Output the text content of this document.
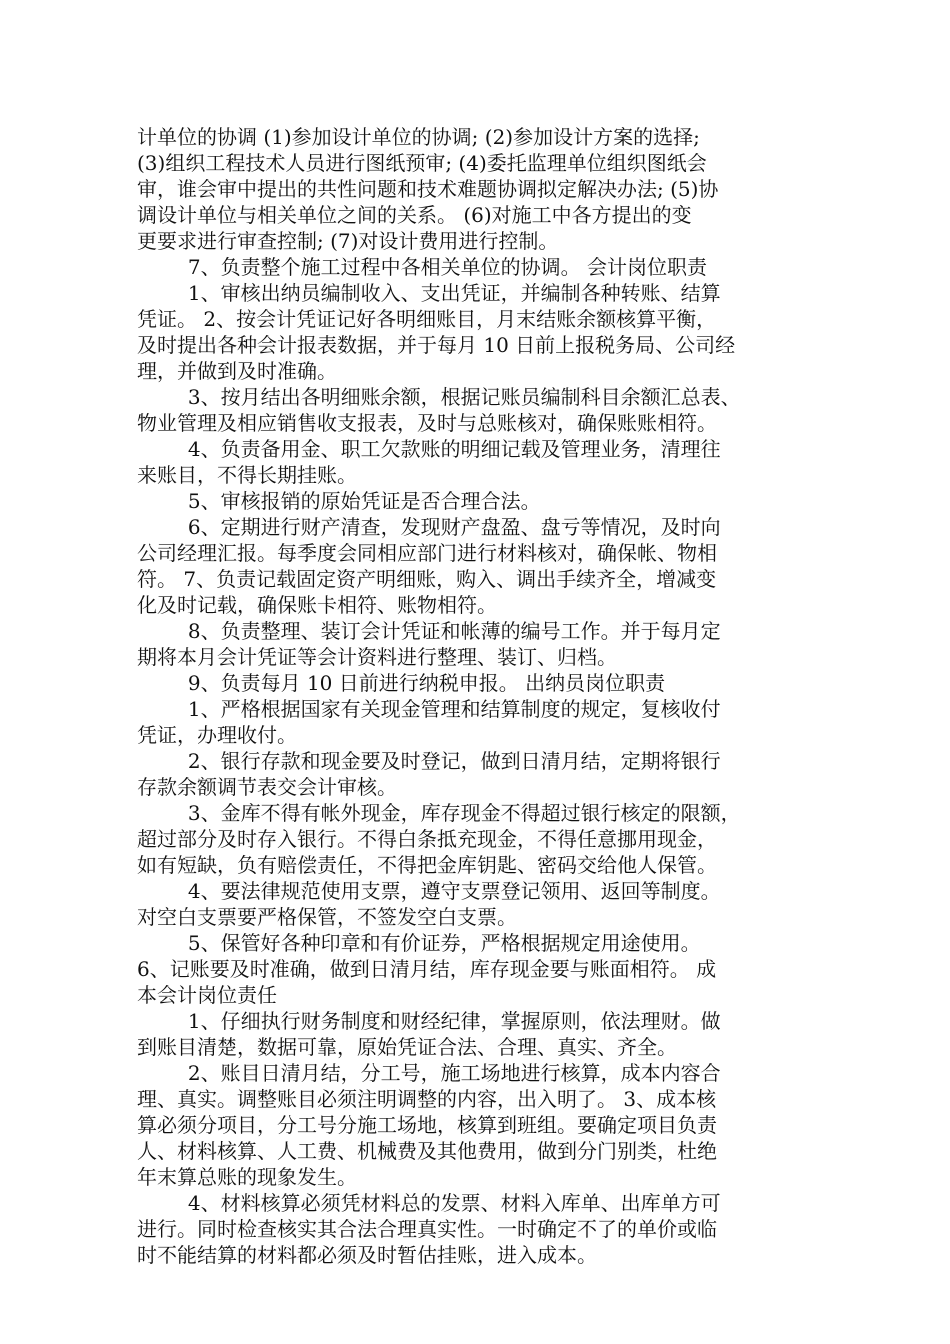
计单位的协调 (1)参加设计单位的协调; (2)参加设计方案的选择;
(3)组织工程技术人员进行图纸预审; (4)委托监理单位组织图纸会
审，谁会审中提出的共性问题和技术难题协调拟定解决办法; (5)协
调设计单位与相关单位之间的关系。 (6)对施工中各方提出的变
更要求进行审查控制; (7)对设计费用进行控制。
7、负责整个施工过程中各相关单位的协调。 会计岗位职责
1、审核出纳员编制收入、支出凭证，并编制各种转账、结算
凭证。 2、按会计凭证记好各明细账目，月末结账余额核算平衡，
及时提出各种会计报表数据，并于每月 10 日前上报税务局、公司经
理，并做到及时准确。
3、按月结出各明细账余额，根据记账员编制科目余额汇总表、
物业管理及相应销售收支报表，及时与总账核对，确保账账相符。
4、负责备用金、职工欠款账的明细记载及管理业务，清理往
来账目，不得长期挂账。
5、审核报销的原始凭证是否合理合法。
6、定期进行财产清查，发现财产盘盈、盘亏等情况，及时向
公司经理汇报。每季度会同相应部门进行材料核对，确保帐、物相
符。 7、负责记载固定资产明细账，购入、调出手续齐全，增减变
化及时记载，确保账卡相符、账物相符。
8、负责整理、装订会计凭证和帐薄的编号工作。并于每月定
期将本月会计凭证等会计资料进行整理、装订、归档。
9、负责每月 10 日前进行纳税申报。 出纳员岗位职责
1、严格根据国家有关现金管理和结算制度的规定，复核收付
凭证，办理收付。
2、银行存款和现金要及时登记，做到日清月结，定期将银行
存款余额调节表交会计审核。
3、金库不得有帐外现金，库存现金不得超过银行核定的限额，
超过部分及时存入银行。不得白条抵充现金，不得任意挪用现金，
如有短缺，负有赔偿责任，不得把金库钥匙、密码交给他人保管。
4、要法律规范使用支票，遵守支票登记领用、返回等制度。
对空白支票要严格保管，不签发空白支票。
5、保管好各种印章和有价证券，严格根据规定用途使用。
6、记账要及时准确，做到日清月结，库存现金要与账面相符。 成
本会计岗位责任
1、仔细执行财务制度和财经纪律，掌握原则，依法理财。做
到账目清楚，数据可靠，原始凭证合法、合理、真实、齐全。
2、账目日清月结，分工号，施工场地进行核算，成本内容合
理、真实。调整账目必须注明调整的内容，出入明了。 3、成本核
算必须分项目，分工号分施工场地，核算到班组。要确定项目负责
人、材料核算、人工费、机械费及其他费用，做到分门别类，杜绝
年末算总账的现象发生。
4、材料核算必须凭材料总的发票、材料入库单、出库单方可
进行。同时检查核实其合法合理真实性。一时确定不了的单价或临
时不能结算的材料都必须及时暂估挂账，进入成本。
